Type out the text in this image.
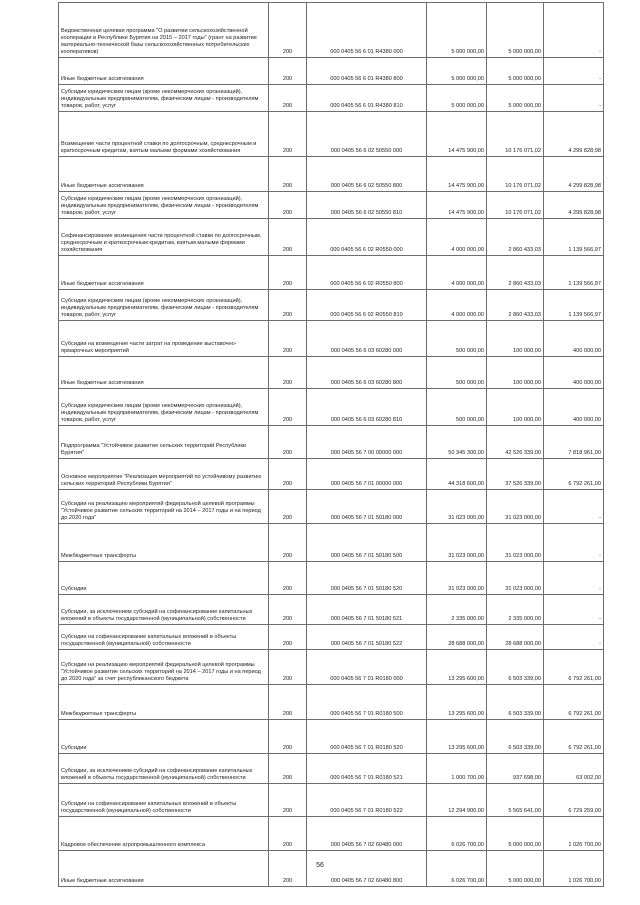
Ведомственная целевая программа "О развитии сельскохозяйственной кооперации в Республике Бурятия на 2015 – 2017 годы" (грант на развитие материально-технической базы сельскохозяйственных потребительских кооперативов)	200	000 0405 56 6 01 R4380 000	5 000 000,00	5 000 000,00	-
Иные бюджетные ассигнования	200	000 0405 56 6 01 R4380 800	5 000 000,00	5 000 000,00	-
Субсидии юридическим лицам (кроме некоммерческих организаций), индивидуальным предпринимателям, физическим лицам - производителям товаров, работ, услуг	200	000 0405 56 6 01 R4380 810	5 000 000,00	5 000 000,00	-
Возмещение части процентной ставки по долгосрочным, среднесрочным и краткосрочным кредитам, взятым малыми формами хозяйствования	200	000 0405 56 6 02 50550 000	14 475 900,00	10 176 071,02	4 299 828,98
Иные бюджетные ассигнования	200	000 0405 56 6 02 50550 800	14 475 900,00	10 176 071,02	4 299 828,98
Субсидии юридическим лицам (кроме некоммерческих организаций), индивидуальным предпринимателям, физическим лицам - производителям товаров, работ, услуг	200	000 0405 56 6 02 50550 810	14 475 900,00	10 176 071,02	4 299 828,98
Софинансирование возмещения части процентной ставки по долгосрочным, среднесрочным и краткосрочным кредитам, взятым малыми формами хозяйствования	200	000 0405 56 6 02 R0550 000	4 000 000,00	2 860 433,03	1 139 566,97
Иные бюджетные ассигнования	200	000 0405 56 6 02 R0550 800	4 000 000,00	2 860 433,03	1 139 566,97
Субсидии юридическим лицам (кроме некоммерческих организаций), индивидуальным предпринимателям, физическим лицам - производителям товаров, работ, услуг	200	000 0405 56 6 02 R0550 810	4 000 000,00	2 860 433,03	1 139 566,97
Субсидии на возмещение части затрат на проведение выставочно-ярмарочных мероприятий	200	000 0405 56 6 03 60280 000	500 000,00	100 000,00	400 000,00
Иные бюджетные ассигнования	200	000 0405 56 6 03 60280 800	500 000,00	100 000,00	400 000,00
Субсидии юридическим лицам (кроме некоммерческих организаций), индивидуальным предпринимателям, физическим лицам - производителям товаров, работ, услуг	200	000 0405 56 6 03 60280 810	500 000,00	100 000,00	400 000,00
Подпрограмма "Устойчивое развитие сельских территорий Республики Бурятия"	200	000 0405 56 7 00 00000 000	50 345 300,00	42 526 339,00	7 818 961,00
Основное мероприятие "Реализация мероприятий по устойчивому развитию сельских территорий Республики Бурятия"	200	000 0405 56 7 01 00000 000	44 318 600,00	37 526 339,00	6 792 261,00
Субсидии на реализацию мероприятий федеральной целевой программы "Устойчивое развитие сельских территорий на 2014 – 2017 годы и на период до 2020 года"	200	000 0405 56 7 01 50180 000	31 023 000,00	31 023 000,00	-
Межбюджетные трансферты	200	000 0405 56 7 01 50180 500	31 023 000,00	31 023 000,00	-
Субсидии	200	000 0405 56 7 01 50180 520	31 023 000,00	31 023 000,00	-
Субсидии, за исключением субсидий на софинансирование капитальных вложений в объекты государственной (муниципальной) собственности	200	000 0405 56 7 01 50180 521	2 335 000,00	2 335 000,00	-
Субсидии на софинансирование капитальных вложений в объекты государственной (муниципальной) собственности	200	000 0405 56 7 01 50180 522	28 688 000,00	28 688 000,00	-
Субсидии на реализацию мероприятий федеральной целевой программы "Устойчивое развитие сельских территорий на 2014 – 2017 годы и на период до 2020 года" за счет республиканского бюджета	200	000 0405 56 7 01 R0180 000	13 295 600,00	6 503 339,00	6 792 261,00
Межбюджетные трансферты	200	000 0405 56 7 01 R0180 500	13 295 600,00	6 503 339,00	6 792 261,00
Субсидии	200	000 0405 56 7 01 R0180 520	13 295 600,00	6 503 339,00	6 792 261,00
Субсидии, за исключением субсидий на софинансирование капитальных вложений в объекты государственной (муниципальной) собственности	200	000 0405 56 7 01 R0180 521	1 000 700,00	937 698,00	63 002,00
Субсидии на софинансирование капитальных вложений в объекты государственной (муниципальной) собственности	200	000 0405 56 7 01 R0180 522	12 294 900,00	5 565 641,00	6 729 259,00
Кадровое обеспечение агропромышленного комплекса	200	000 0405 56 7 02 60480 000	6 026 700,00	5 000 000,00	1 026 700,00
Иные бюджетные ассигнования	200	000 0405 56 7 02 60480 800	6 026 700,00	5 000 000,00	1 026 700,00
56
